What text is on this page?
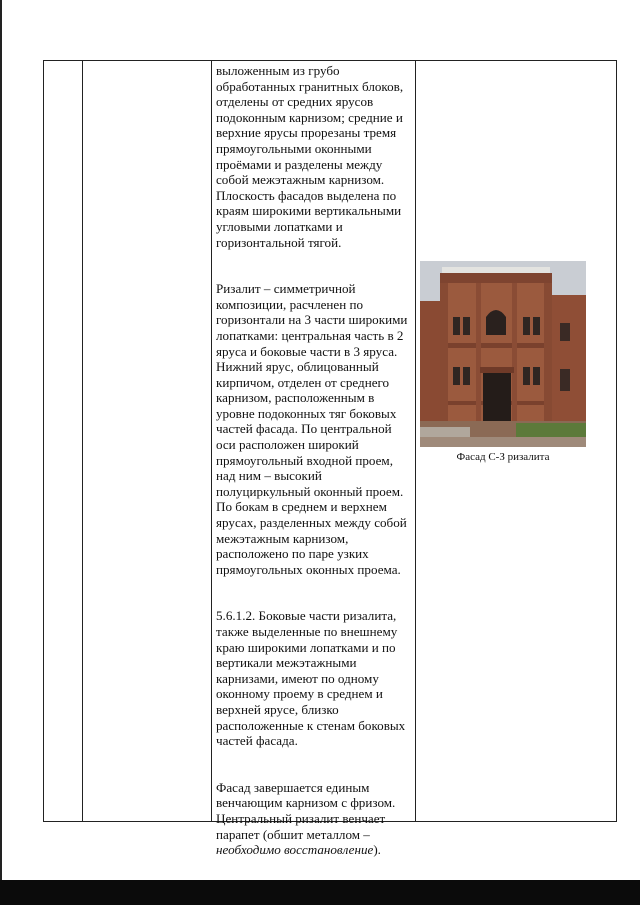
выложенным из грубо обработанных гранитных блоков, отделены от средних ярусов подоконным карнизом; средние и верхние ярусы прорезаны тремя прямоугольными оконными проёмами и разделены между собой межэтажным карнизом. Плоскость фасадов выделена по краям широкими вертикальными угловыми лопатками и горизонтальной тягой.

Ризалит – симметричной композиции, расчленен по горизонтали на 3 части широкими лопатками: центральная часть в 2 яруса и боковые части в 3 яруса. Нижний ярус, облицованный кирпичом, отделен от среднего карнизом, расположенным в уровне подоконных тяг боковых частей фасада. По центральной оси расположен широкий прямоугольный входной проем, над ним – высокий полуциркульный оконный проем. По бокам в среднем и верхнем ярусах, разделенных между собой межэтажным карнизом, расположено по паре узких прямоугольных оконных проема.

5.6.1.2. Боковые части ризалита, также выделенные по внешнему краю широкими лопатками и по вертикали межэтажными карнизами, имеют по одному оконному проему в среднем и верхней ярусе, близко расположенные к стенам боковых частей фасада.

Фасад завершается единым венчающим карнизом с фризом. Центральный ризалит венчает парапет (обшит металлом – необходимо восстановление).

Фасад С-З ризалита
